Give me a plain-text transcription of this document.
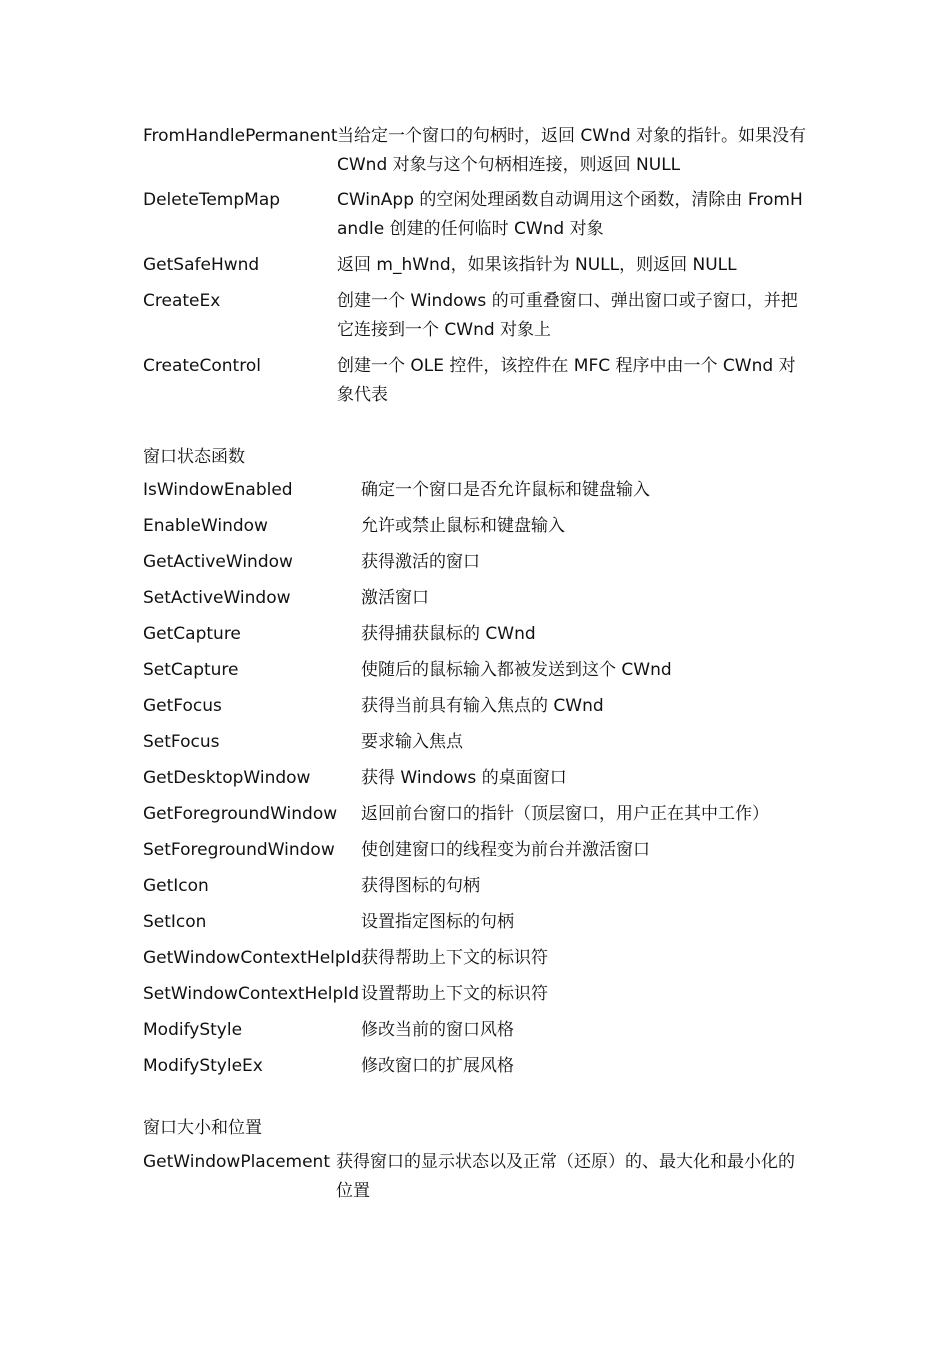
FromHandlePermanent 当给定一个窗口的句柄时，返回 CWnd 对象的指针。如果没有 CWnd 对象与这个句柄相连接，则返回 NULL
DeleteTempMap	CWinApp 的空闲处理函数自动调用这个函数，清除由 FromHandle 创建的任何临时 CWnd 对象
GetSafeHwnd	返回 m_hWnd，如果该指针为 NULL，则返回 NULL
CreateEx	创建一个 Windows 的可重叠窗口、弹出窗口或子窗口，并把它连接到一个 CWnd 对象上
CreateControl	创建一个 OLE 控件，该控件在 MFC 程序中由一个 CWnd 对象代表
窗口状态函数
IsWindowEnabled	确定一个窗口是否允许鼠标和键盘输入
EnableWindow	允许或禁止鼠标和键盘输入
GetActiveWindow	获得激活的窗口
SetActiveWindow	激活窗口
GetCapture	获得捕获鼠标的 CWnd
SetCapture	使随后的鼠标输入都被发送到这个 CWnd
GetFocus	获得当前具有输入焦点的 CWnd
SetFocus	要求输入焦点
GetDesktopWindow	获得 Windows 的桌面窗口
GetForegroundWindow 返回前台窗口的指针（顶层窗口，用户正在其中工作）
SetForegroundWindow 使创建窗口的线程变为前台并激活窗口
GetIcon	获得图标的句柄
SetIcon	设置指定图标的句柄
GetWindowContextHelpId 获得帮助上下文的标识符
SetWindowContextHelpId 设置帮助上下文的标识符
ModifyStyle	修改当前的窗口风格
ModifyStyleEx	修改窗口的扩展风格
窗口大小和位置
GetWindowPlacement 获得窗口的显示状态以及正常（还原）的、最大化和最小化的位置
